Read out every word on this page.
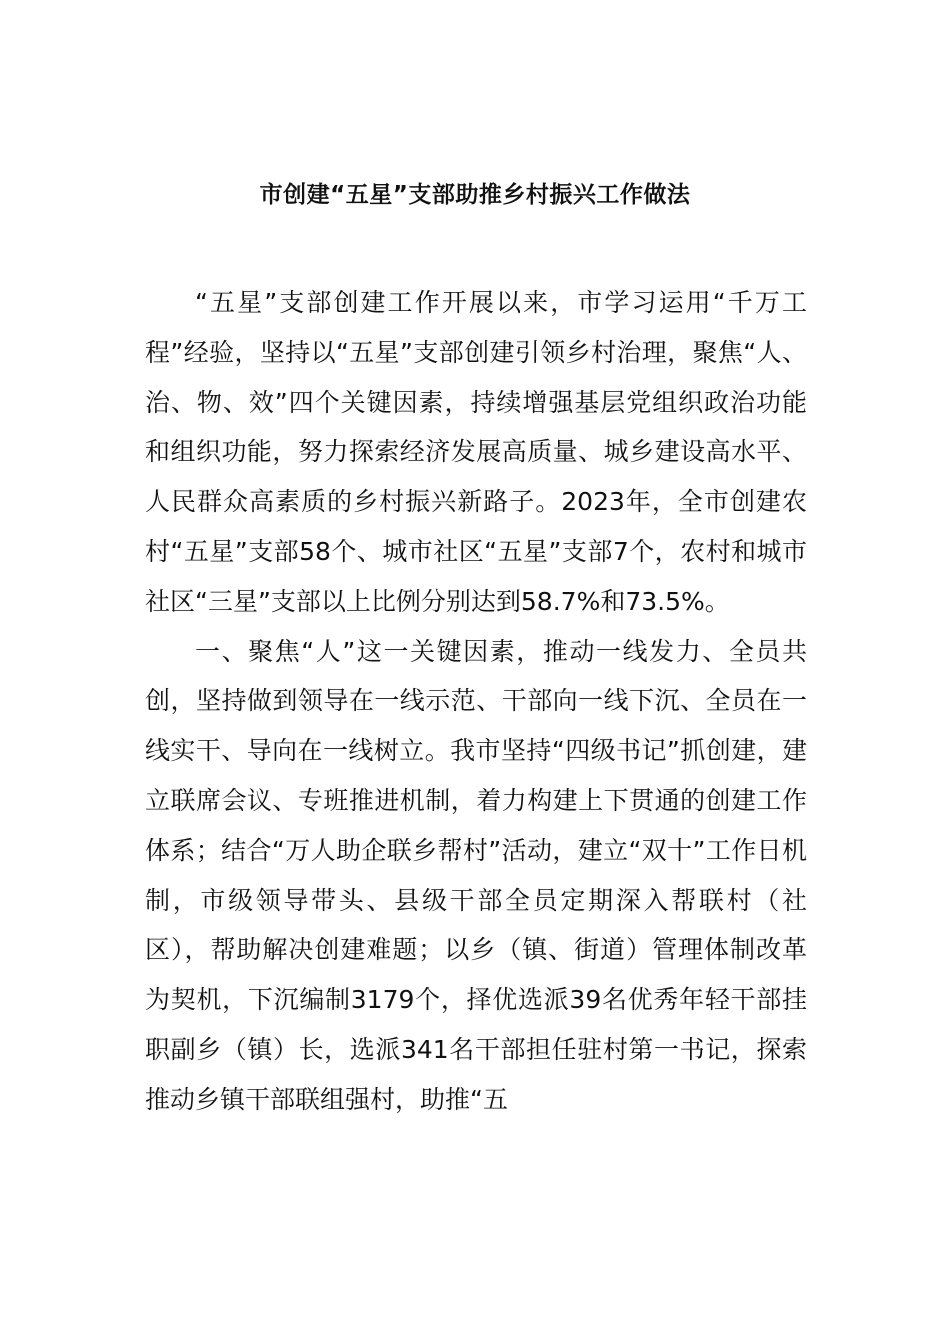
市创建“五星”支部助推乡村振兴工作做法

“五星”支部创建工作开展以来，市学习运用“千万工程”经验，坚持以“五星”支部创建引领乡村治理，聚焦“人、治、物、效”四个关键因素，持续增强基层党组织政治功能和组织功能，努力探索经济发展高质量、城乡建设高水平、人民群众高素质的乡村振兴新路子。2023年，全市创建农村“五星”支部58个、城市社区“五星”支部7个，农村和城市社区“三星”支部以上比例分别达到58.7%和73.5%。

一、聚焦“人”这一关键因素，推动一线发力、全员共创，坚持做到领导在一线示范、干部向一线下沉、全员在一线实干、导向在一线树立。我市坚持“四级书记”抓创建，建立联席会议、专班推进机制，着力构建上下贯通的创建工作体系；结合“万人助企联乡帮村”活动，建立“双十”工作日机制，市级领导带头、县级干部全员定期深入帮联村（社区），帮助解决创建难题；以乡（镇、街道）管理体制改革为契机，下沉编制3179个，择优选派39名优秀年轻干部挂职副乡（镇）长，选派341名干部担任驻村第一书记，探索推动乡镇干部联组强村，助推“五
